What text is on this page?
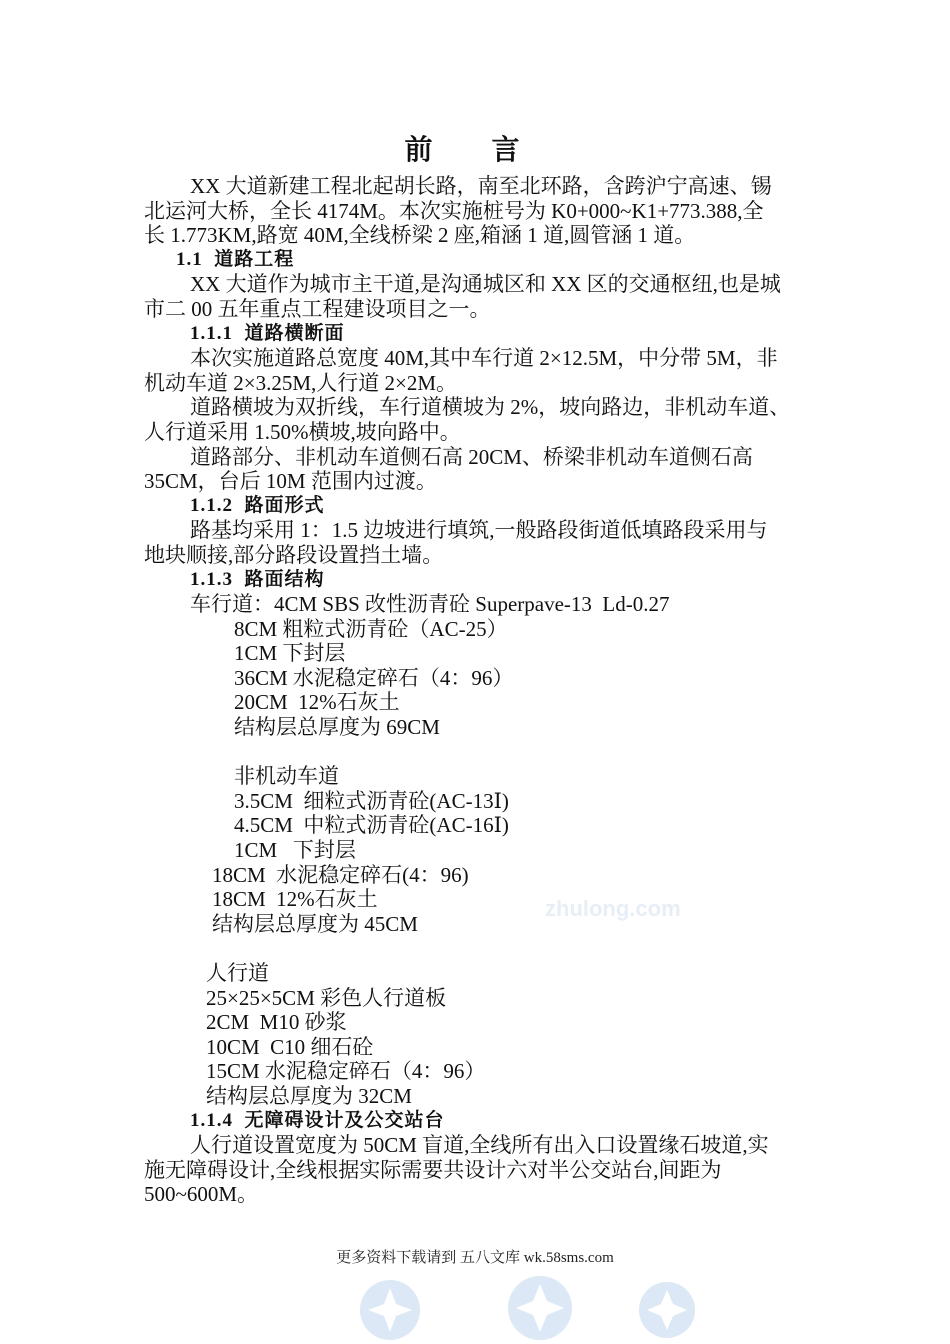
前 言

XX 大道新建工程北起胡长路，南至北环路，含跨沪宁高速、锡

北运河大桥，全长 4174M。本次实施桩号为 K0+000~K1+773.388,全

长 1.773KM,路宽 40M,全线桥梁 2 座,箱涵 1 道,圆管涵 1 道。

1.1  道路工程

XX 大道作为城市主干道,是沟通城区和 XX 区的交通枢纽,也是城

市二 00 五年重点工程建设项目之一。

1.1.1  道路横断面

本次实施道路总宽度 40M,其中车行道 2×12.5M，中分带 5M，非

机动车道 2×3.25M,人行道 2×2M。

道路横坡为双折线，车行道横坡为 2%，坡向路边，非机动车道、

人行道采用 1.50%横坡,坡向路中。

道路部分、非机动车道侧石高 20CM、桥梁非机动车道侧石高

35CM，台后 10M 范围内过渡。

1.1.2  路面形式

路基均采用 1：1.5 边坡进行填筑,一般路段街道低填路段采用与

地块顺接,部分路段设置挡土墙。

1.1.3  路面结构

车行道：4CM SBS 改性沥青砼 Superpave-13  Ld-0.27

8CM 粗粒式沥青砼（AC-25）

1CM 下封层

36CM 水泥稳定碎石（4：96）

20CM  12%石灰土

结构层总厚度为 69CM

非机动车道

3.5CM  细粒式沥青砼(AC-13Ⅰ)

4.5CM  中粒式沥青砼(AC-16Ⅰ)

1CM   下封层

18CM  水泥稳定碎石(4：96)

18CM  12%石灰土

结构层总厚度为 45CM

人行道

25×25×5CM 彩色人行道板

2CM  M10 砂浆

10CM  C10 细石砼

15CM 水泥稳定碎石（4：96）

结构层总厚度为 32CM

1.1.4  无障碍设计及公交站台

人行道设置宽度为 50CM 盲道,全线所有出入口设置缘石坡道,实

施无障碍设计,全线根据实际需要共设计六对半公交站台,间距为

500~600M。

zhulong.com
更多资料下载请到 五八文库 wk.58sms.com
